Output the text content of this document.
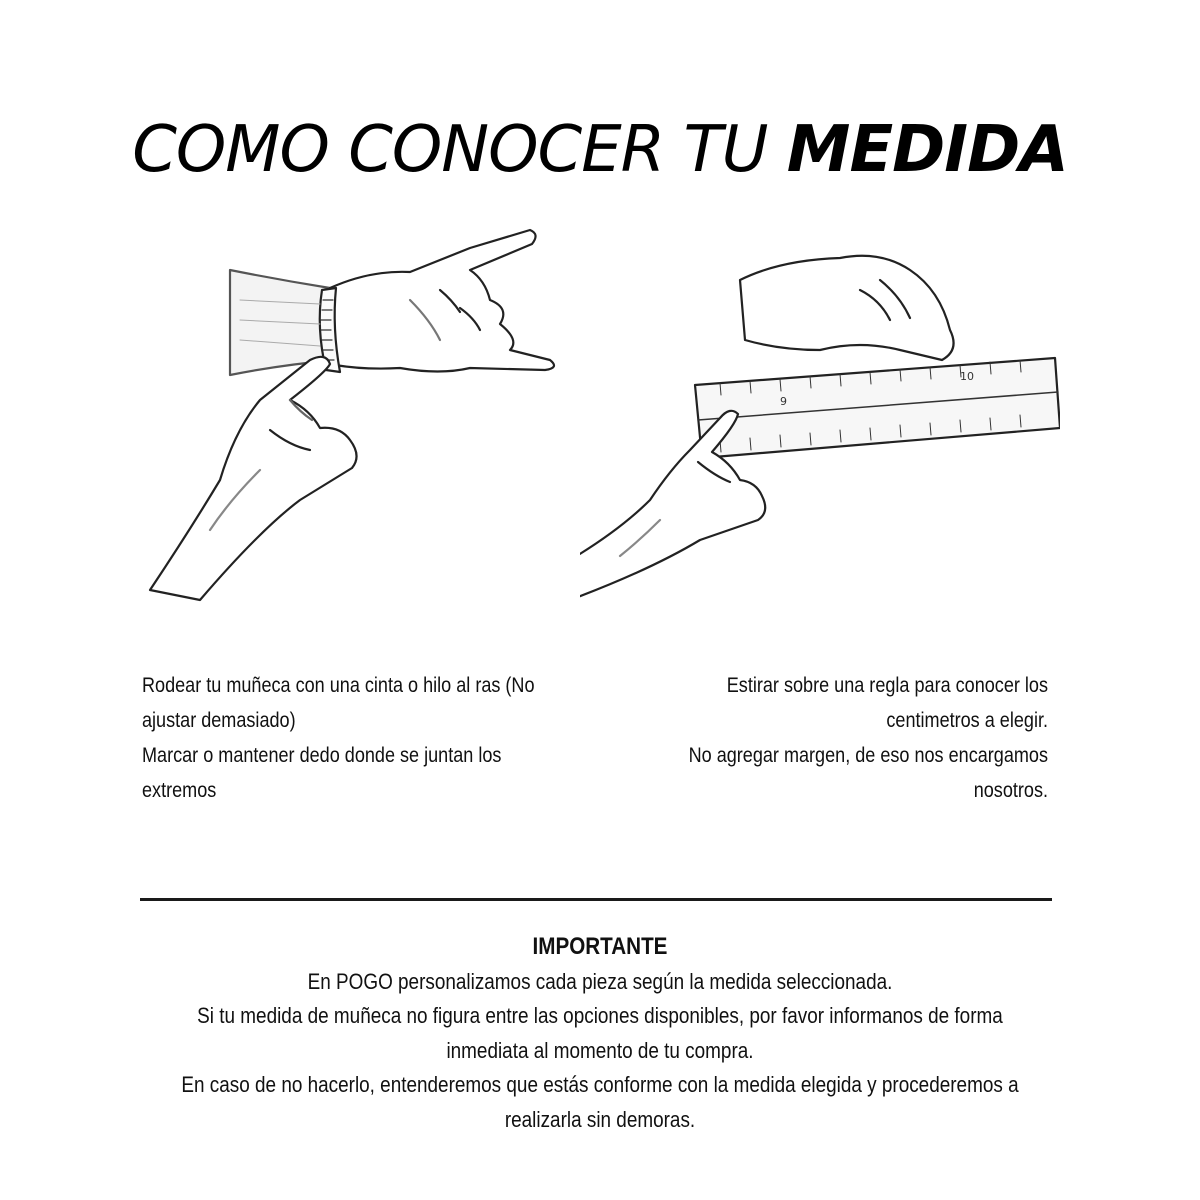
COMO CONOCER TU MEDIDA
9
10

Rodear tu muñeca con una cinta o hilo al ras (No ajustar demasiado)

Marcar o mantener dedo donde se juntan los extremos

Estirar sobre una regla para conocer los centimetros a elegir.

No agregar margen, de eso nos encargamos nosotros.

IMPORTANTE

En POGO personalizamos cada pieza según la medida seleccionada.

Si tu medida de muñeca no figura entre las opciones disponibles, por favor informanos de forma inmediata al momento de tu compra.

En caso de no hacerlo, entenderemos que estás conforme con la medida elegida y procederemos a realizarla sin demoras.
